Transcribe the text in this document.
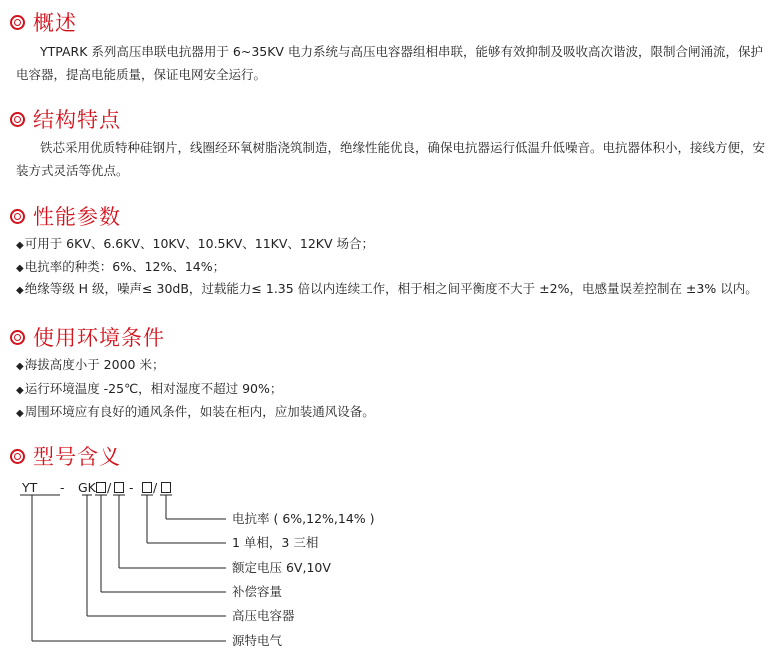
概述
YTPARK 系列高压串联电抗器用于 6~35KV 电力系统与高压电容器组相串联，能够有效抑制及吸收高次谐波，限制合闸涌流，保护电容器，提高电能质量，保证电网安全运行。
结构特点
铁芯采用优质特种硅钢片，线圈经环氧树脂浇筑制造，绝缘性能优良，确保电抗器运行低温升低噪音。电抗器体积小，接线方便，安装方式灵活等优点。
性能参数
◆可用于 6KV、6.6KV、10KV、10.5KV、11KV、12KV 场合；
◆电抗率的种类：6%、12%、14%；
◆绝缘等级 H 级，噪声≤ 30dB，过载能力≤ 1.35 倍以内连续工作，相于相之间平衡度不大于 ±2%，电感量误差控制在 ±3% 以内。
使用环境条件
◆海拔高度小于 2000 米；
◆运行环境温度 -25℃，相对湿度不超过 90%；
◆周围环境应有良好的通风条件，如装在柜内，应加装通风设备。
型号含义
YT - GK / - /
电抗率 ( 6%,12%,14% )
1 单相，3 三相
额定电压 6V,10V
补偿容量
高压电容器
源特电气
